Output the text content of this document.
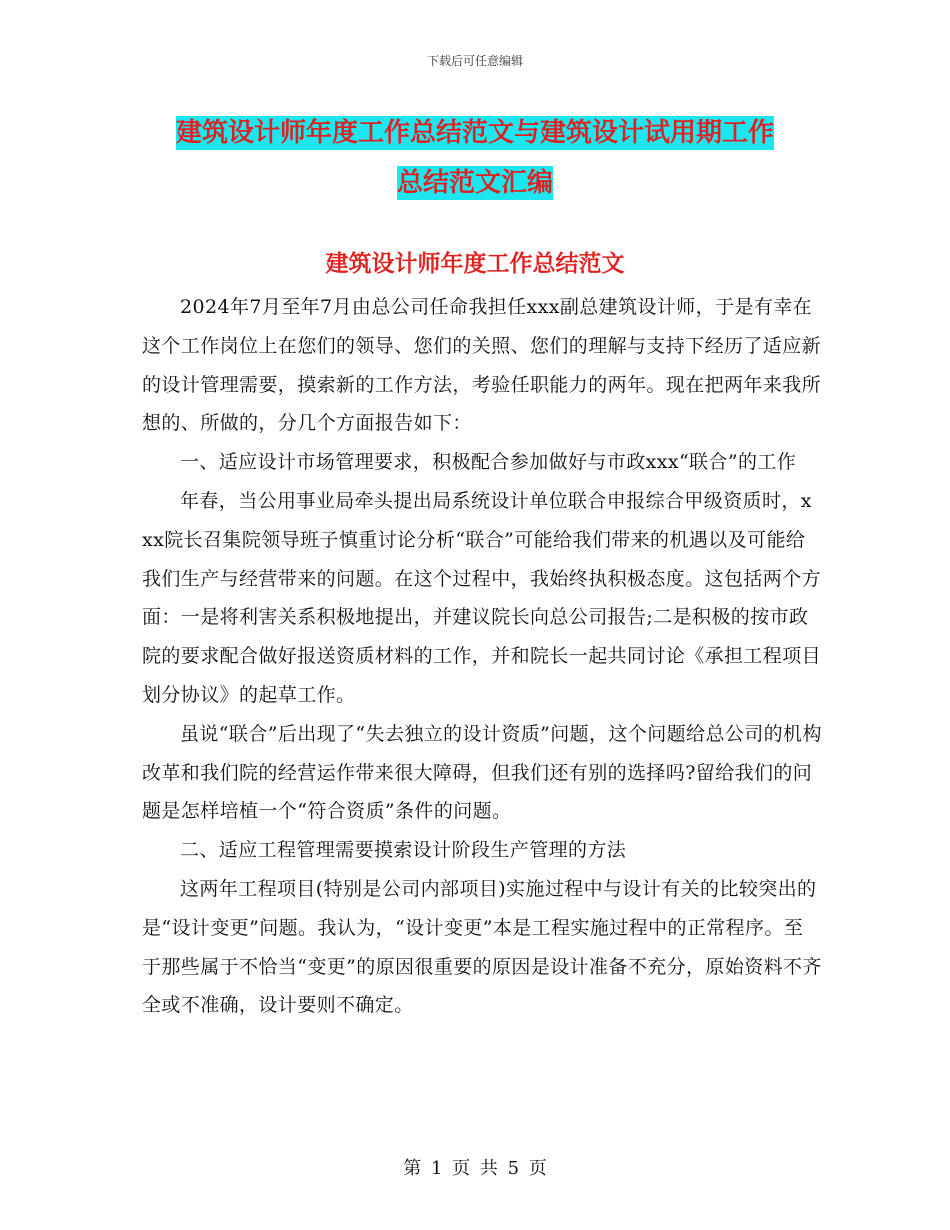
下载后可任意编辑
建筑设计师年度工作总结范文与建筑设计试用期工作
总结范文汇编
建筑设计师年度工作总结范文

2024年7月至年7月由总公司任命我担任xxx副总建筑设计师，于是有幸在这个工作岗位上在您们的领导、您们的关照、您们的理解与支持下经历了适应新的设计管理需要，摸索新的工作方法，考验任职能力的两年。现在把两年来我所想的、所做的，分几个方面报告如下：

一、适应设计市场管理要求，积极配合参加做好与市政xxx“联合”的工作

年春，当公用事业局牵头提出局系统设计单位联合申报综合甲级资质时，xxx院长召集院领导班子慎重讨论分析“联合”可能给我们带来的机遇以及可能给我们生产与经营带来的问题。在这个过程中，我始终执积极态度。这包括两个方面：一是将利害关系积极地提出，并建议院长向总公司报告;二是积极的按市政院的要求配合做好报送资质材料的工作，并和院长一起共同讨论《承担工程项目划分协议》的起草工作。

虽说“联合”后出现了“失去独立的设计资质”问题，这个问题给总公司的机构改革和我们院的经营运作带来很大障碍，但我们还有别的选择吗?留给我们的问题是怎样培植一个“符合资质”条件的问题。

二、适应工程管理需要摸索设计阶段生产管理的方法

这两年工程项目(特别是公司内部项目)实施过程中与设计有关的比较突出的是“设计变更”问题。我认为，“设计变更”本是工程实施过程中的正常程序。至于那些属于不恰当“变更”的原因很重要的原因是设计准备不充分，原始资料不齐全或不准确，设计要则不确定。

第 1 页 共 5 页
